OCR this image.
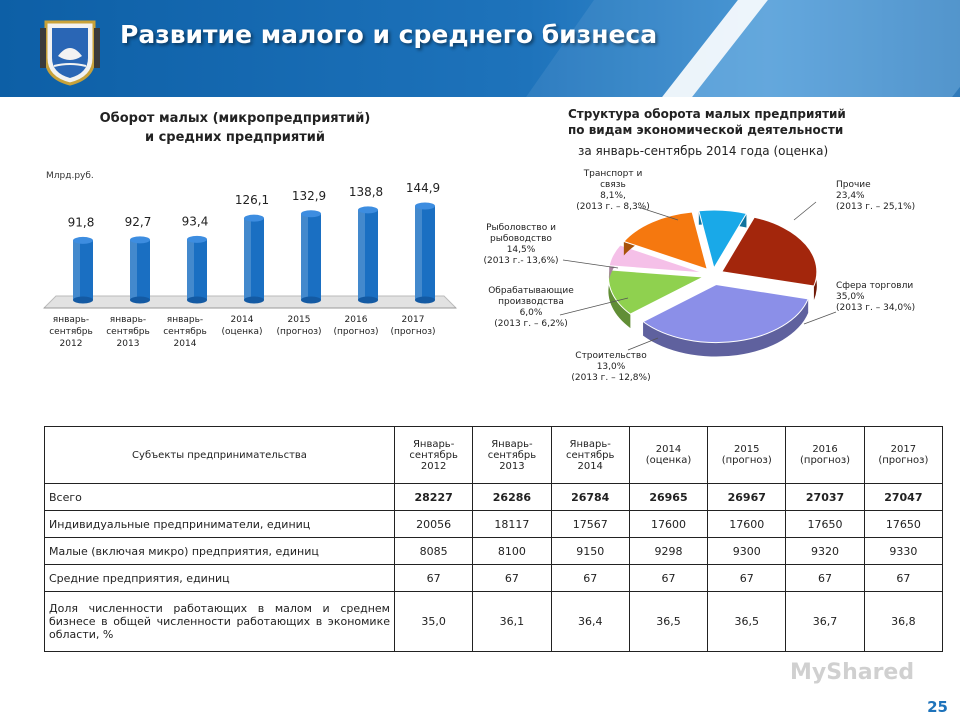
Развитие малого и среднего бизнеса
Оборот малых (микропредприятий)
и средних предприятий
Млрд.руб.
91,8	92,7	93,4
126,1 132,9 138,8 144,9
январь-
сентябрь
2012
январь-
сентябрь
2013
январь-
сентябрь
2014
2014
(оценка)
2015
(прогноз)
2016
(прогноз)
2017
(прогноз)
Структура оборота малых предприятий
по видам экономической деятельности
за январь-сентябрь 2014 года (оценка)
Прочие
23,4%
(2013 г. – 25,1%)
Сфера торговли
35,0%
(2013 г. – 34,0%)
Строительство
13,0%
(2013 г. – 12,8%)
Обрабатывающие
производства
6,0%
(2013 г. – 6,2%)
Рыболовство и
рыбоводство
14,5%
(2013 г.- 13,6%)
Транспорт и
связь
8,1%,
(2013 г. – 8,3%)
Субъекты предпринимательства	Январь-
сентябрь
2012	Январь-
сентябрь
2013	Январь-
сентябрь
2014	2014
(оценка)	2015
(прогноз)	2016
(прогноз)	2017
(прогноз)
Всего	28227	26286	26784	26965	26967	27037	27047
Индивидуальные предприниматели, единиц	20056	18117	17567	17600	17600	17650	17650
Малые (включая микро) предприятия, единиц	8085	8100	9150	9298	9300	9320	9330
Средние предприятия, единиц	67	67	67	67	67	67	67
Доля численности работающих в малом и среднем бизнесе в общей численности работающих в экономике области, %	35,0	36,1	36,4	36,5	36,5	36,7	36,8
MyShared
25
